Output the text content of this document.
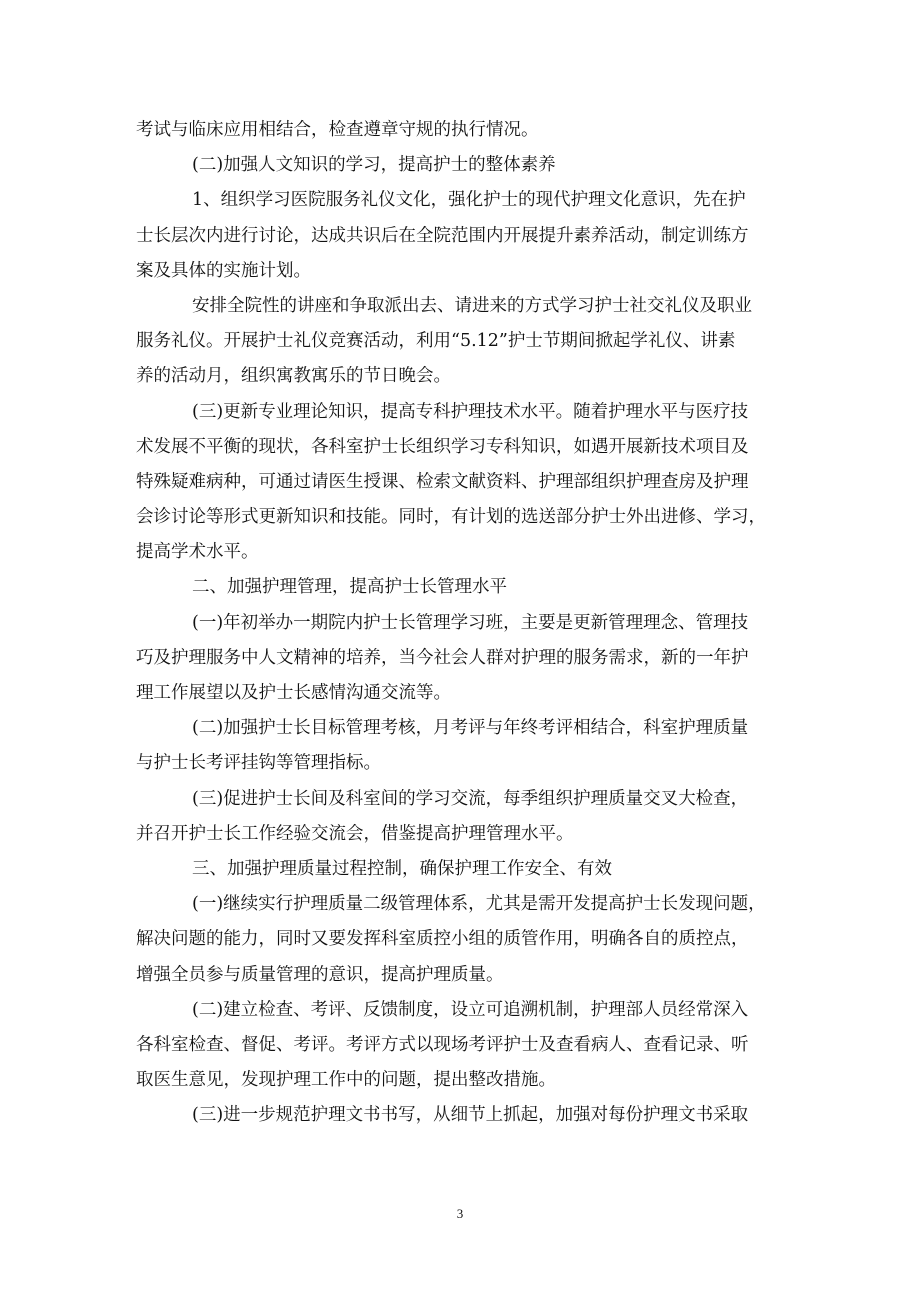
考试与临床应用相结合，检查遵章守规的执行情况。

(二)加强人文知识的学习，提高护士的整体素养

1、组织学习医院服务礼仪文化，强化护士的现代护理文化意识，先在护
士长层次内进行讨论，达成共识后在全院范围内开展提升素养活动，制定训练方
案及具体的实施计划。

安排全院性的讲座和争取派出去、请进来的方式学习护士社交礼仪及职业
服务礼仪。开展护士礼仪竞赛活动，利用“5.12”护士节期间掀起学礼仪、讲素
养的活动月，组织寓教寓乐的节日晚会。

(三)更新专业理论知识，提高专科护理技术水平。随着护理水平与医疗技
术发展不平衡的现状，各科室护士长组织学习专科知识，如遇开展新技术项目及
特殊疑难病种，可通过请医生授课、检索文献资料、护理部组织护理查房及护理
会诊讨论等形式更新知识和技能。同时，有计划的选送部分护士外出进修、学习，
提高学术水平。

二、加强护理管理，提高护士长管理水平

(一)年初举办一期院内护士长管理学习班，主要是更新管理理念、管理技
巧及护理服务中人文精神的培养，当今社会人群对护理的服务需求，新的一年护
理工作展望以及护士长感情沟通交流等。

(二)加强护士长目标管理考核，月考评与年终考评相结合，科室护理质量
与护士长考评挂钩等管理指标。

(三)促进护士长间及科室间的学习交流，每季组织护理质量交叉大检查，
并召开护士长工作经验交流会，借鉴提高护理管理水平。

三、加强护理质量过程控制，确保护理工作安全、有效

(一)继续实行护理质量二级管理体系，尤其是需开发提高护士长发现问题，
解决问题的能力，同时又要发挥科室质控小组的质管作用，明确各自的质控点，
增强全员参与质量管理的意识，提高护理质量。

(二)建立检查、考评、反馈制度，设立可追溯机制，护理部人员经常深入
各科室检查、督促、考评。考评方式以现场考评护士及查看病人、查看记录、听
取医生意见，发现护理工作中的问题，提出整改措施。

(三)进一步规范护理文书书写，从细节上抓起，加强对每份护理文书采取

3
